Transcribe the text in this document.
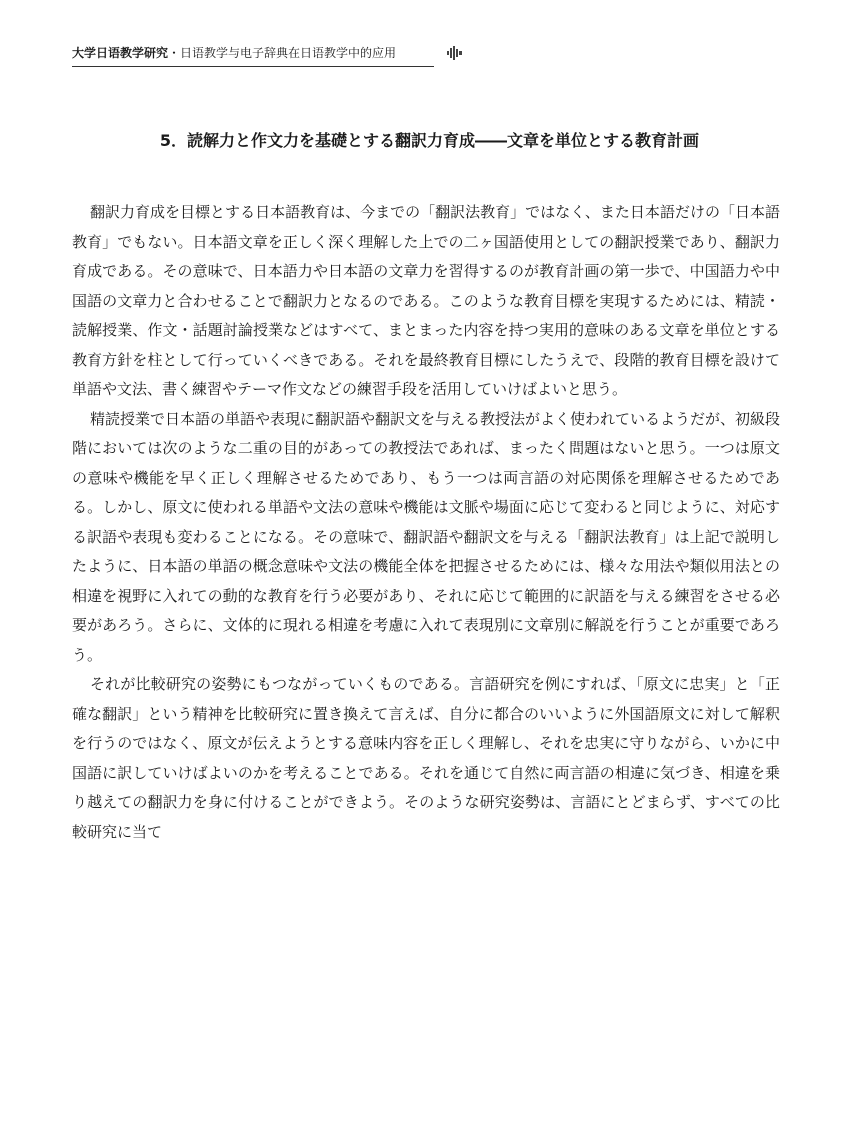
大学日语教学研究・日语教学与电子辞典在日语教学中的应用
5．読解力と作文力を基礎とする翻訳力育成――文章を単位とする教育計画

翻訳力育成を目標とする日本語教育は、今までの「翻訳法教育」ではなく、また日本語だけの「日本語教育」でもない。日本語文章を正しく深く理解した上での二ヶ国語使用としての翻訳授業であり、翻訳力育成である。その意味で、日本語力や日本語の文章力を習得するのが教育計画の第一歩で、中国語力や中国語の文章力と合わせることで翻訳力となるのである。このような教育目標を実現するためには、精読・読解授業、作文・話題討論授業などはすべて、まとまった内容を持つ実用的意味のある文章を単位とする教育方針を柱として行っていくべきである。それを最終教育目標にしたうえで、段階的教育目標を設けて単語や文法、書く練習やテーマ作文などの練習手段を活用していけばよいと思う。

精読授業で日本語の単語や表現に翻訳語や翻訳文を与える教授法がよく使われているようだが、初級段階においては次のような二重の目的があっての教授法であれば、まったく問題はないと思う。一つは原文の意味や機能を早く正しく理解させるためであり、もう一つは両言語の対応関係を理解させるためである。しかし、原文に使われる単語や文法の意味や機能は文脈や場面に応じて変わると同じように、対応する訳語や表現も変わることになる。その意味で、翻訳語や翻訳文を与える「翻訳法教育」は上記で説明したように、日本語の単語の概念意味や文法の機能全体を把握させるためには、様々な用法や類似用法との相違を視野に入れての動的な教育を行う必要があり、それに応じて範囲的に訳語を与える練習をさせる必要があろう。さらに、文体的に現れる相違を考慮に入れて表現別に文章別に解説を行うことが重要であろう。

それが比較研究の姿勢にもつながっていくものである。言語研究を例にすれば、「原文に忠実」と「正確な翻訳」という精神を比較研究に置き換えて言えば、自分に都合のいいように外国語原文に対して解釈を行うのではなく、原文が伝えようとする意味内容を正しく理解し、それを忠実に守りながら、いかに中国語に訳していけばよいのかを考えることである。それを通じて自然に両言語の相違に気づき、相違を乗り越えての翻訳力を身に付けることができよう。そのような研究姿勢は、言語にとどまらず、すべての比較研究に当て
